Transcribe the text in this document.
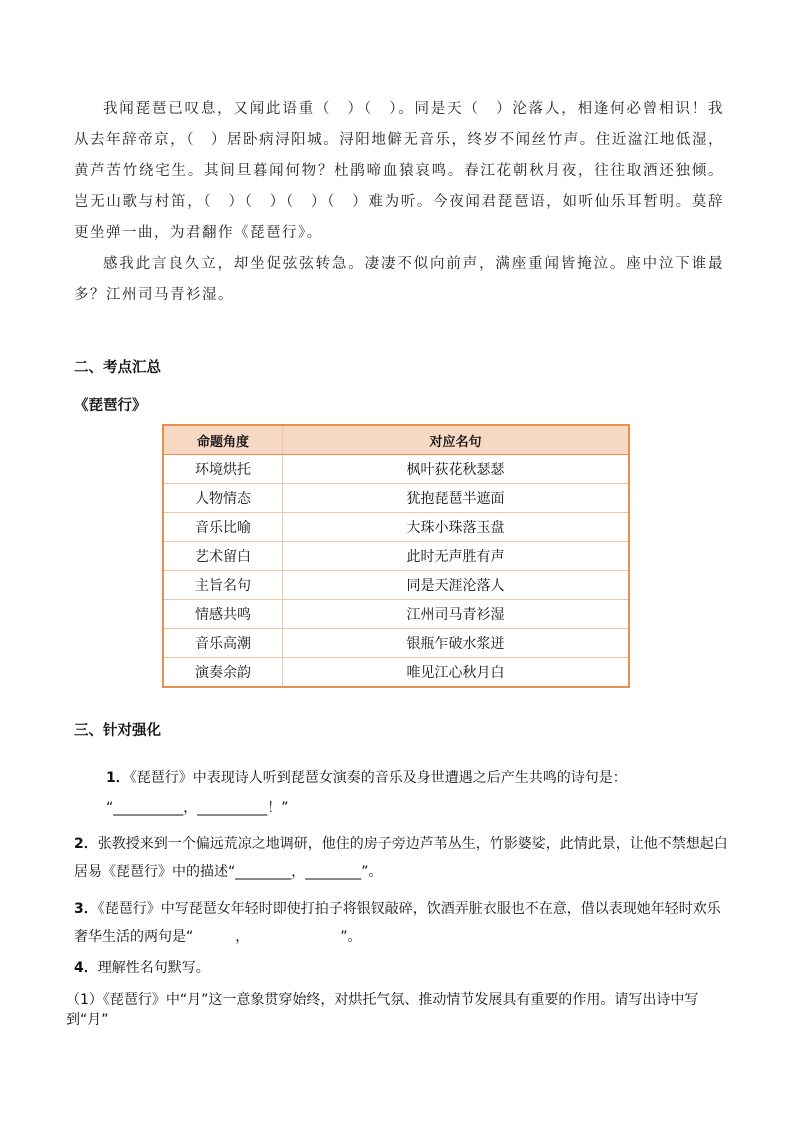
我闻琵琶已叹息，又闻此语重（　）（　）。同是天（　）沦落人，相逢何必曾相识！我从去年辞帝京，（　）居卧病浔阳城。浔阳地僻无音乐，终岁不闻丝竹声。住近湓江地低湿，黄芦苦竹绕宅生。其间旦暮闻何物？杜鹃啼血猿哀鸣。春江花朝秋月夜，往往取酒还独倾。岂无山歌与村笛，（　）（　）（　）（　）难为听。今夜闻君琵琶语，如听仙乐耳暂明。莫辞更坐弹一曲，为君翻作《琵琶行》。

感我此言良久立，却坐促弦弦转急。凄凄不似向前声，满座重闻皆掩泣。座中泣下谁最多？江州司马青衫湿。

二、考点汇总
《琵琶行》
命题角度	对应名句
环境烘托	枫叶荻花秋瑟瑟
人物情态	犹抱琵琶半遮面
音乐比喻	大珠小珠落玉盘
艺术留白	此时无声胜有声
主旨名句	同是天涯沦落人
情感共鸣	江州司马青衫湿
音乐高潮	银瓶乍破水浆迸
演奏余韵	唯见江心秋月白
三、针对强化
1．《琵琶行》中表现诗人听到琵琶女演奏的音乐及身世遭遇之后产生共鸣的诗句是：
“__________，__________！”
2．张教授来到一个偏远荒凉之地调研，他住的房子旁边芦苇丛生，竹影婆娑，此情此景，让他不禁想起白居易《琵琶行》中的描述“________，________”。
3．《琵琶行》中写琵琶女年轻时即使打拍子将银钗敲碎，饮酒弄脏衣服也不在意，借以表现她年轻时欢乐奢华生活的两句是“　　　，　　　　　　　”。
4．理解性名句默写。
（1）《琵琶行》中“月”这一意象贯穿始终，对烘托气氛、推动情节发展具有重要的作用。请写出诗中写到“月”
